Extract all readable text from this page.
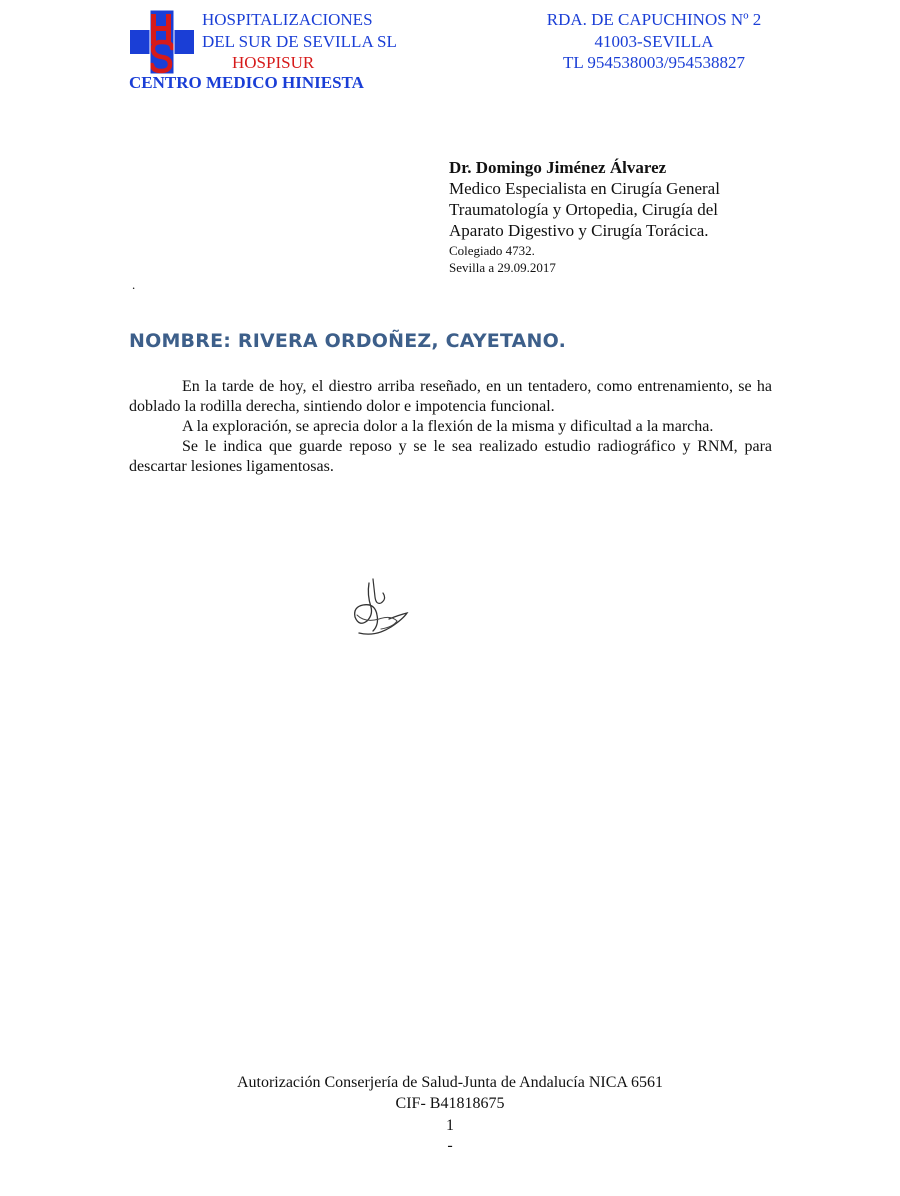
HOSPITALIZACIONES
DEL SUR DE SEVILLA SL
HOSPISUR
CENTRO MEDICO HINIESTA
RDA. DE CAPUCHINOS Nº 2
41003-SEVILLA
TL 954538003/954538827
Dr. Domingo Jiménez Álvarez
Medico Especialista en Cirugía General
Traumatología y Ortopedia, Cirugía del
Aparato Digestivo y Cirugía Torácica.
Colegiado 4732.
Sevilla a 29.09.2017
.
NOMBRE: RIVERA ORDOÑEZ, CAYETANO.

En la tarde de hoy, el diestro arriba reseñado, en un tentadero, como entrenamiento, se ha doblado la rodilla derecha, sintiendo dolor e impotencia funcional.

A la exploración, se aprecia dolor a la flexión de la misma y dificultad a la marcha.

Se le indica que guarde reposo y se le sea realizado estudio radiográfico y RNM, para descartar lesiones ligamentosas.

Autorización Conserjería de Salud-Junta de Andalucía NICA 6561
CIF- B41818675
1
-
